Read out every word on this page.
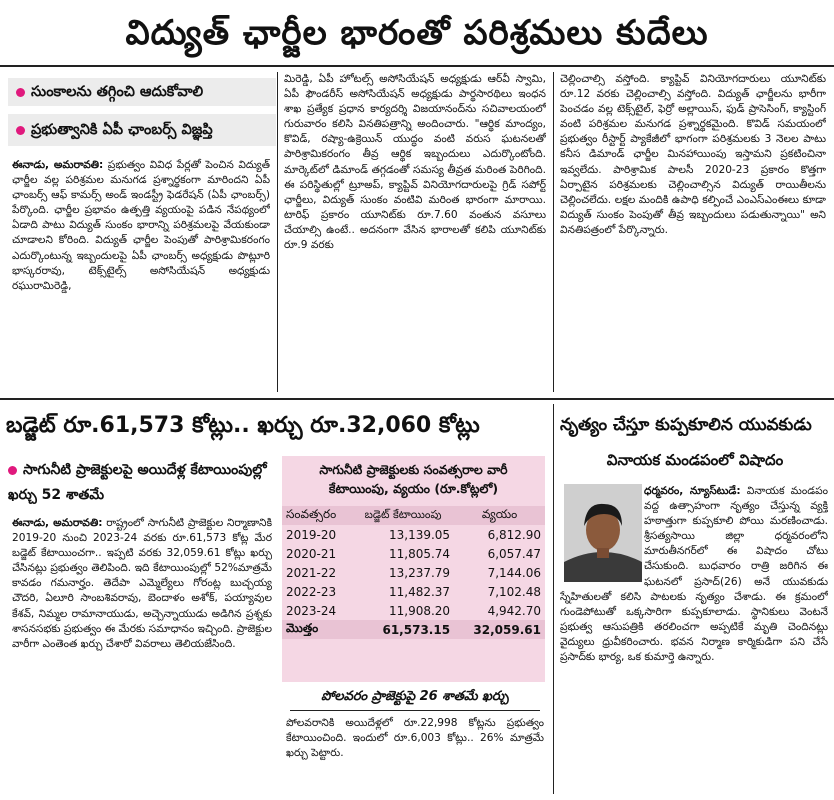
విద్యుత్ ఛార్జీల భారంతో పరిశ్రమలు కుదేలు
సుంకాలను తగ్గించి ఆదుకోవాలి
ప్రభుత్వానికి ఏపీ ఛాంబర్స్ విజ్ఞప్తి
ఈనాడు, అమరావతి: ప్రభుత్వం వివిధ పేర్లతో పెంచిన విద్యుత్ ఛార్జీల వల్ల పరిశ్రమల మనుగడ ప్రశ్నార్థకంగా మారిందని ఏపీ ఛాంబర్స్ ఆఫ్ కామర్స్ అండ్ ఇండస్ట్రీ ఫెడరేషన్ (ఏపీ ఛాంబర్స్) పేర్కొంది. ఛార్జీల ప్రభావం ఉత్పత్తి వ్యయంపై పడిన నేపథ్యంలో ఏడాది పాటు విద్యుత్ సుంకం భారాన్ని పరిశ్రమలపై వేయకుండా చూడాలని కోరింది. విద్యుత్ ఛార్జీల పెంపుతో పారిశ్రామికరంగం ఎదుర్కొంటున్న ఇబ్బందులపై ఏపీ ఛాంబర్స్ అధ్యక్షుడు పొట్లూరి భాస్కరరావు, టెక్స్‌టైల్స్ అసోసియేషన్ అధ్యక్షుడు రఘురామిరెడ్డి,
మిరెడ్డి, ఏపీ హోటల్స్ అసోసియేషన్ అధ్యక్షుడు ఆర్‌వీ స్వామి, ఏపీ ఫౌండరీస్ అసోసియేషన్ అధ్యక్షుడు పార్థసారథిలు ఇంధన శాఖ ప్రత్యేక ప్రధాన కార్యదర్శి విజయానంద్‌ను సచివాలయంలో గురువారం కలిసి వినతిపత్రాన్ని అందించారు. "ఆర్థిక మాంద్యం, కొవిడ్, రష్యా-ఉక్రెయిన్ యుద్ధం వంటి వరుస ఘటనలతో పారిశ్రామికరంగం తీవ్ర ఆర్థిక ఇబ్బందులు ఎదుర్కొంటోంది. మార్కెట్‌లో డిమాండ్ తగ్గడంతో సమస్య తీవ్రత మరింత పెరిగింది. ఈ పరిస్థితుల్లో ట్రూఅప్, క్యాప్టివ్ వినియోగదారులపై గ్రిడ్ సపోర్ట్ ఛార్జీలు, విద్యుత్ సుంకం వంటివి మరింత భారంగా మారాయి. టారిఫ్ ప్రకారం యూనిట్‌కు రూ.7.60 వంతున వసూలు చేయాల్సి ఉంటే.. అదనంగా వేసిన భారాలతో కలిపి యూనిట్‌కు రూ.9 వరకు
చెల్లించాల్సి వస్తోంది. క్యాప్టివ్ వినియోగదారులు యూనిట్‌కు రూ.12 వరకు చెల్లించాల్సి వస్తోంది. విద్యుత్ ఛార్జీలను భారీగా పెంచడం వల్ల టెక్స్‌టైల్, ఫెర్రో అల్లాయిస్, ఫుడ్ ప్రాసెసింగ్, క్యాస్టింగ్ వంటి పరిశ్రమల మనుగడ ప్రశ్నార్థకమైంది. కొవిడ్ సమయంలో ప్రభుత్వం రీస్టార్ట్ ప్యాకేజీలో భాగంగా పరిశ్రమలకు 3 నెలల పాటు కనీస డిమాండ్ ఛార్జీల మినహాయింపు ఇస్తామని ప్రకటించినా ఇవ్వలేదు. పారిశ్రామిక పాలసీ 2020-23 ప్రకారం కొత్తగా ఏర్పాటైన పరిశ్రమలకు చెల్లించాల్సిన విద్యుత్ రాయితీలను చెల్లించలేదు. లక్షల మందికి ఉపాధి కల్పించే ఎంఎస్ఎంఈలు కూడా విద్యుత్ సుంకం పెంపుతో తీవ్ర ఇబ్బందులు పడుతున్నాయి" అని వినతిపత్రంలో పేర్కొన్నారు.
బడ్జెట్ రూ.61,573 కోట్లు.. ఖర్చు రూ.32,060 కోట్లు
సాగునీటి ప్రాజెక్టులపై అయిదేళ్ల కేటాయింపుల్లో ఖర్చు 52 శాతమే
ఈనాడు, అమరావతి: రాష్ట్రంలో సాగునీటి ప్రాజెక్టుల నిర్మాణానికి 2019-20 నుంచి 2023-24 వరకు రూ.61,573 కోట్ల మేర బడ్జెట్ కేటాయించగా.. ఇప్పటి వరకు 32,059.61 కోట్లు ఖర్చు చేసినట్లు ప్రభుత్వం తెలిపింది. ఇది కేటాయింపుల్లో 52%మాత్రమే కావడం గమనార్హం. తెదేపా ఎమ్మెల్యేలు గోరంట్ల బుచ్చయ్య చౌదరి, ఏలూరి సాంబశివరావు, బెందాళం అశోక్, పయ్యావుల కేశవ్, నిమ్మల రామానాయుడు, అచ్చెన్నాయుడు అడిగిన ప్రశ్నకు శాసనసభకు ప్రభుత్వం ఈ మేరకు సమాధానం ఇచ్చింది. ప్రాజెక్టుల వారీగా ఎంతెంత ఖర్చు చేశారో వివరాలు తెలియజేసింది.
సాగునీటి ప్రాజెక్టులకు సంవత్సరాల వారీ కేటాయింపు, వ్యయం (రూ.కోట్లలో)
సంవత్సరం	బడ్జెట్ కేటాయింపు	వ్యయం
2019-20	13,139.05	6,812.90
2020-21	11,805.74	6,057.47
2021-22	13,237.79	7,144.06
2022-23	11,482.37	7,102.48
2023-24	11,908.20	4,942.70
మొత్తం	61,573.15	32,059.61
పోలవరం ప్రాజెక్టుపై 26 శాతమే ఖర్చు
పోలవరానికి అయిదేళ్లలో రూ.22,998 కోట్లను ప్రభుత్వం కేటాయించింది. ఇందులో రూ.6,003 కోట్లు.. 26% మాత్రమే ఖర్చు పెట్టారు.
నృత్యం చేస్తూ కుప్పకూలిన యువకుడు
వినాయక మండపంలో విషాదం
ధర్మవరం, న్యూస్‌టుడే: వినాయక మండపం వద్ద ఉత్సాహంగా నృత్యం చేస్తున్న వ్యక్తి హఠాత్తుగా కుప్పకూలి పోయి మరణించాడు. శ్రీసత్యసాయి జిల్లా ధర్మవరంలోని మారుతీనగర్‌లో ఈ విషాదం చోటు చేసుకుంది. బుధవారం రాత్రి జరిగిన ఈ ఘటనలో ప్రసాద్(26) అనే యువకుడు స్నేహితులతో కలిసి పాటలకు నృత్యం చేశాడు. ఈ క్రమంలో గుండెపోటుతో ఒక్కసారిగా కుప్పకూలాడు. స్థానికులు వెంటనే ప్రభుత్వ ఆసుపత్రికి తరలించగా అప్పటికే మృతి చెందినట్లు వైద్యులు ధ్రువీకరించారు. భవన నిర్మాణ కార్మికుడిగా పని చేసే ప్రసాద్‌కు భార్య, ఒక కుమార్తె ఉన్నారు.
